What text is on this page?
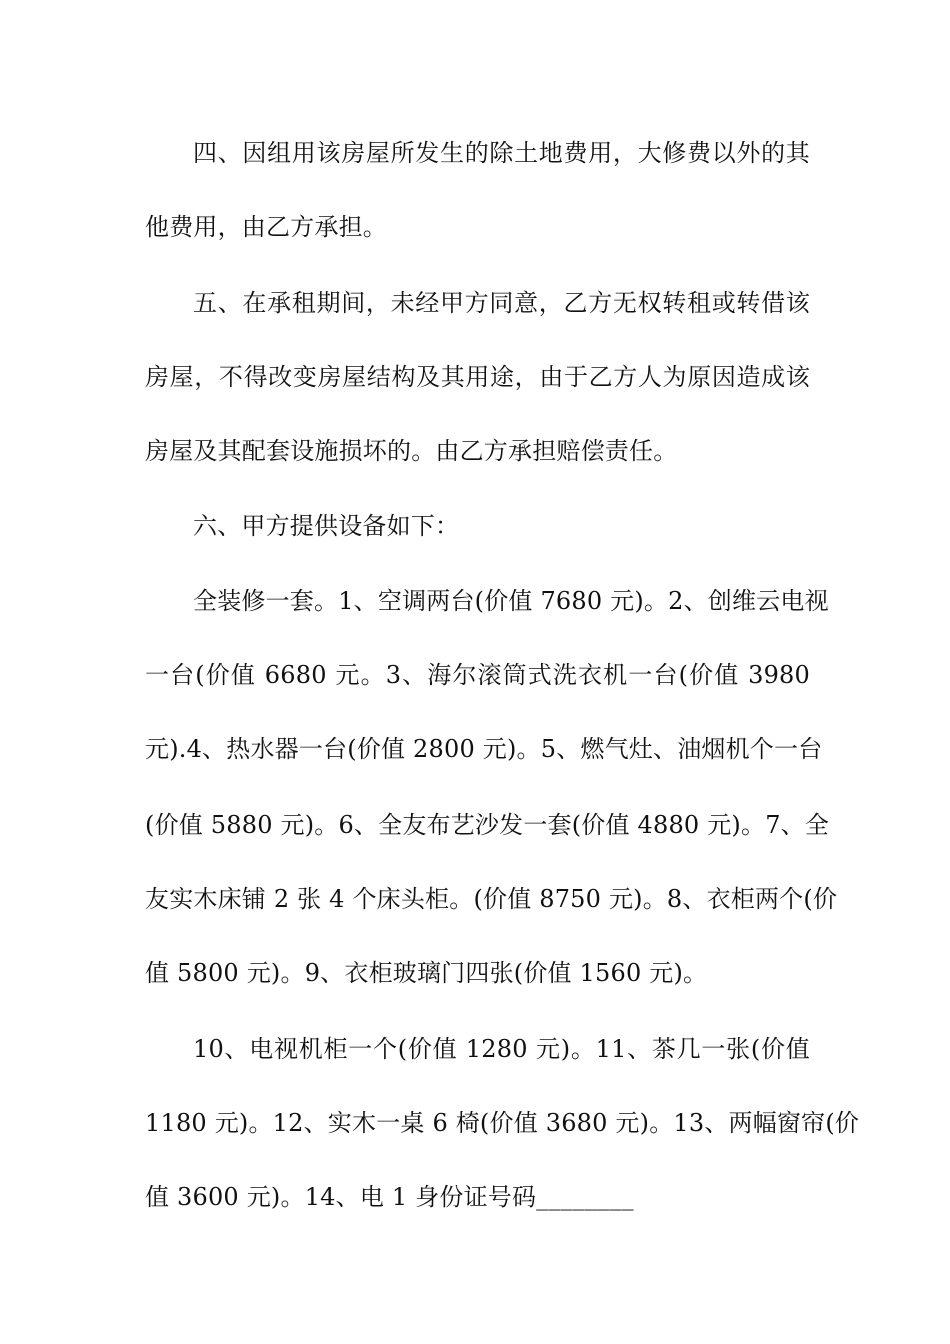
四、因组用该房屋所发生的除土地费用，大修费以外的其
他费用，由乙方承担。
五、在承租期间，未经甲方同意，乙方无权转租或转借该
房屋，不得改变房屋结构及其用途，由于乙方人为原因造成该
房屋及其配套设施损坏的。由乙方承担赔偿责任。
六、甲方提供设备如下：
全装修一套。1、空调两台(价值 7680 元)。2、创维云电视
一台(价值 6680 元。3、海尔滚筒式洗衣机一台(价值 3980
元).4、热水器一台(价值 2800 元)。5、燃气灶、油烟机个一台
(价值 5880 元)。6、全友布艺沙发一套(价值 4880 元)。7、全
友实木床铺 2 张 4 个床头柜。(价值 8750 元)。8、衣柜两个(价
值 5800 元)。9、衣柜玻璃门四张(价值 1560 元)。
10、电视机柜一个(价值 1280 元)。11、茶几一张(价值
1180 元)。12、实木一桌 6 椅(价值 3680 元)。13、两幅窗帘(价
值 3600 元)。14、电 1 身份证号码________
